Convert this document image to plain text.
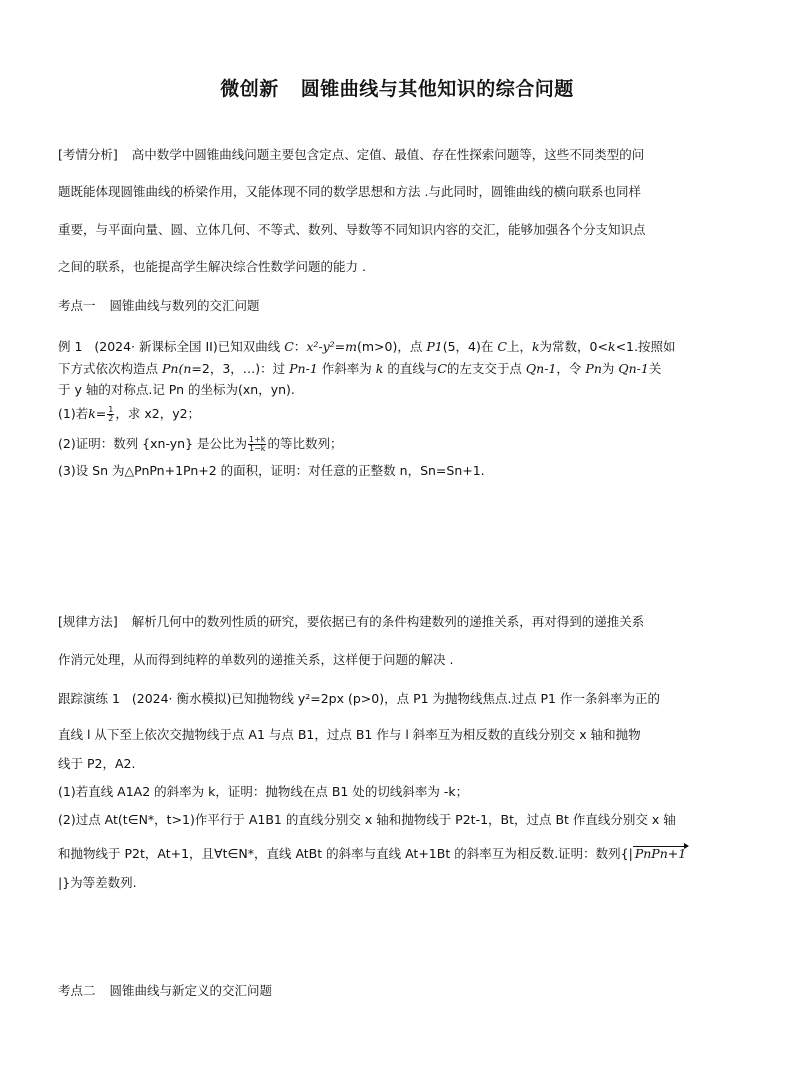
微创新 圆锥曲线与其他知识的综合问题
[考情分析] 高中数学中圆锥曲线问题主要包含定点、定值、最值、存在性探索问题等，这些不同类型的问
题既能体现圆锥曲线的桥梁作用，又能体现不同的数学思想和方法 .与此同时，圆锥曲线的横向联系也同样
重要，与平面向量、圆、立体几何、不等式、数列、导数等不同知识内容的交汇，能够加强各个分支知识点
之间的联系，也能提高学生解决综合性数学问题的能力 .
考点一 圆锥曲线与数列的交汇问题
例 1 (2024· 新课标全国 II)已知双曲线 C：x²-y²=m(m>0)，点 P1(5，4)在 C上，k为常数，0<k<1.按照如
下方式依次构造点 Pn(n=2，3，…)：过 Pn-1 作斜率为 k 的直线与C的左支交于点 Qn-1，令 Pn为 Qn-1关
于 y 轴的对称点.记 Pn 的坐标为(xn，yn).
(1)若$k= \frac{1}{2}$ ，求 x2，y2；
(2)证明：数列 {xn-yn} 是公比为 $\frac{1+k}{1-k}$ 的等比数列；
(3)设 Sn 为△PnPn+1Pn+2 的面积，证明：对任意的正整数 n，Sn=Sn+1.
[规律方法] 解析几何中的数列性质的研究，要依据已有的条件构建数列的递推关系，再对得到的递推关系
作消元处理，从而得到纯粹的单数列的递推关系，这样便于问题的解决 .
跟踪演练 1 (2024· 衡水模拟)已知抛物线 y²=2px (p>0)，点 P1 为抛物线焦点.过点 P1 作一条斜率为正的
直线 l 从下至上依次交抛物线于点 A1 与点 B1，过点 B1 作与 l 斜率互为相反数的直线分别交 x 轴和抛物
线于 P2，A2.
(1)若直线 A1A2 的斜率为 k，证明：抛物线在点 B1 处的切线斜率为 -k；
(2)过点 At(t∈N*，t>1)作平行于 A1B1 的直线分别交 x 轴和抛物线于 P2t-1，Bt，过点 Bt 作直线分别交 x 轴
和抛物线于 P2t，At+1，且∀t∈N*，直线 AtBt 的斜率与直线 At+1Bt 的斜率互为相反数.证明：数列{| PnPn+1
|}为等差数列.
考点二 圆锥曲线与新定义的交汇问题
